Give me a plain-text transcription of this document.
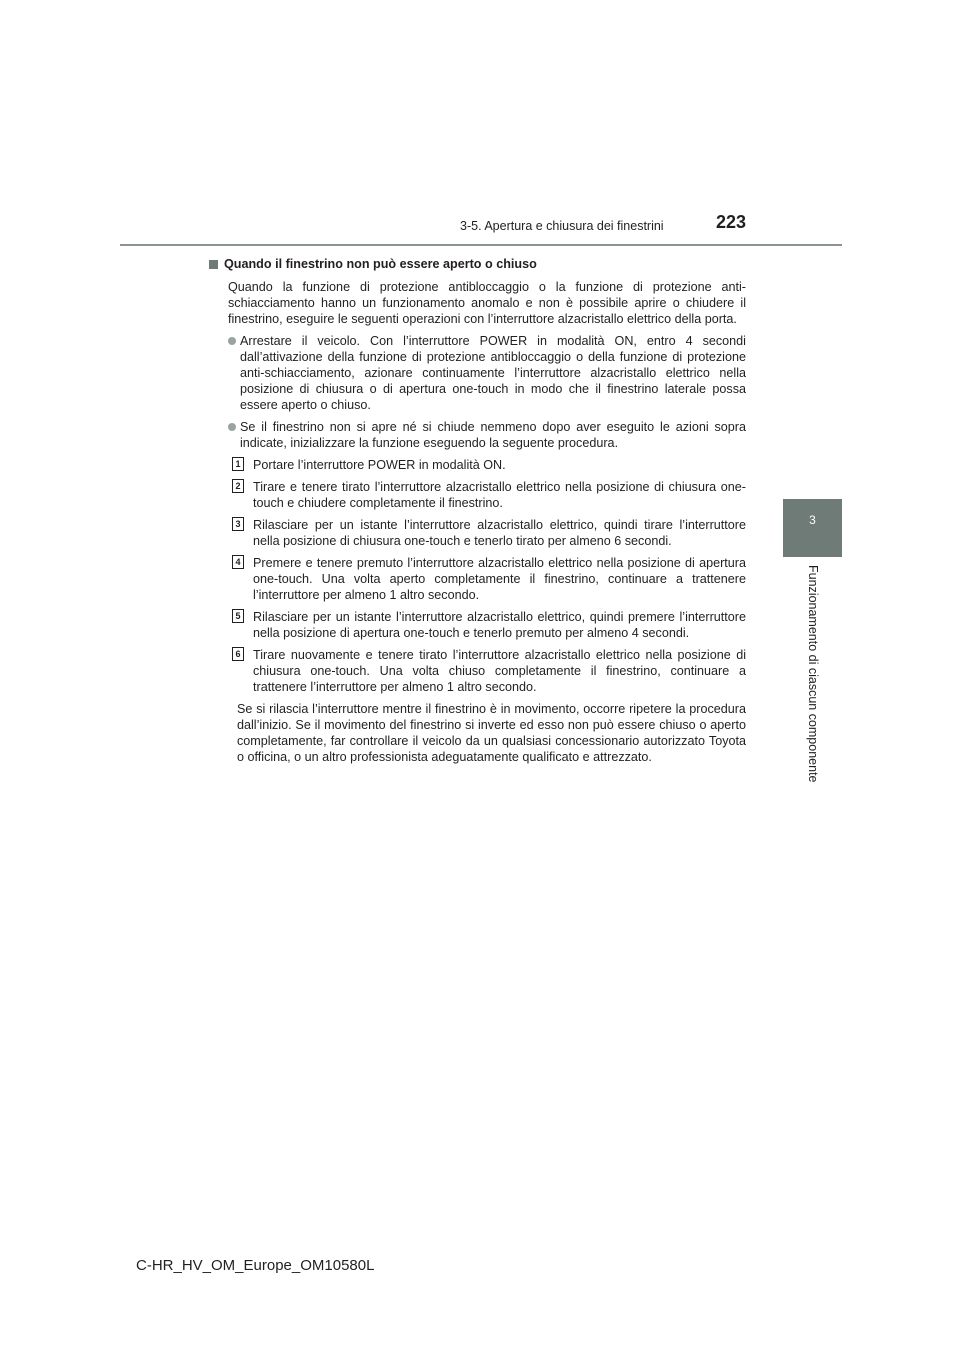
3-5. Apertura e chiusura dei finestrini	223
3
Funzionamento di ciascun componente
Quando il finestrino non può essere aperto o chiuso
Quando la funzione di protezione antibloccaggio o la funzione di protezione anti-schiacciamento hanno un funzionamento anomalo e non è possibile aprire o chiudere il finestrino, eseguire le seguenti operazioni con l’interruttore alzacristallo elettrico della porta.
Arrestare il veicolo. Con l’interruttore POWER in modalità ON, entro 4 secondi dall’attivazione della funzione di protezione antibloccaggio o della funzione di protezione anti-schiacciamento, azionare continuamente l’interruttore alzacristallo elettrico nella posizione di chiusura o di apertura one-touch in modo che il finestrino laterale possa essere aperto o chiuso.
Se il finestrino non si apre né si chiude nemmeno dopo aver eseguito le azioni sopra indicate, inizializzare la funzione eseguendo la seguente procedura.
1 Portare l’interruttore POWER in modalità ON.
2 Tirare e tenere tirato l’interruttore alzacristallo elettrico nella posizione di chiusura one-touch e chiudere completamente il finestrino.
3 Rilasciare per un istante l’interruttore alzacristallo elettrico, quindi tirare l’interruttore nella posizione di chiusura one-touch e tenerlo tirato per almeno 6 secondi.
4 Premere e tenere premuto l’interruttore alzacristallo elettrico nella posizione di apertura one-touch. Una volta aperto completamente il finestrino, continuare a trattenere l’interruttore per almeno 1 altro secondo.
5 Rilasciare per un istante l’interruttore alzacristallo elettrico, quindi premere l’interruttore nella posizione di apertura one-touch e tenerlo premuto per almeno 4 secondi.
6 Tirare nuovamente e tenere tirato l’interruttore alzacristallo elettrico nella posizione di chiusura one-touch. Una volta chiuso completamente il finestrino, continuare a trattenere l’interruttore per almeno 1 altro secondo.
Se si rilascia l’interruttore mentre il finestrino è in movimento, occorre ripetere la procedura dall’inizio. Se il movimento del finestrino si inverte ed esso non può essere chiuso o aperto completamente, far controllare il veicolo da un qualsiasi concessionario autorizzato Toyota o officina, o un altro professionista adeguatamente qualificato e attrezzato.
C-HR_HV_OM_Europe_OM10580L
